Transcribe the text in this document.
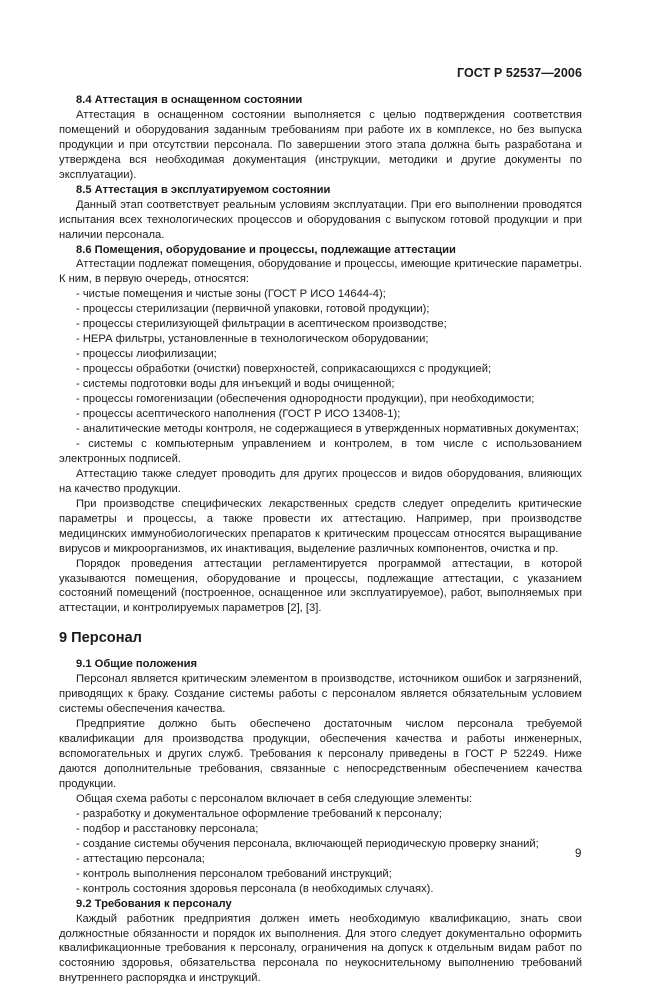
ГОСТ Р 52537—2006
8.4 Аттестация в оснащенном состоянии

Аттестация в оснащенном состоянии выполняется с целью подтверждения соответствия помещений и оборудования заданным требованиям при работе их в комплексе, но без выпуска продукции и при отсутствии персонала. По завершении этого этапа должна быть разработана и утверждена вся необходимая документация (инструкции, методики и другие документы по эксплуатации).

8.5 Аттестация в эксплуатируемом состоянии

Данный этап соответствует реальным условиям эксплуатации. При его выполнении проводятся испытания всех технологических процессов и оборудования с выпуском готовой продукции и при наличии персонала.

8.6 Помещения, оборудование и процессы, подлежащие аттестации

Аттестации подлежат помещения, оборудование и процессы, имеющие критические параметры. К ним, в первую очередь, относятся:

- чистые помещения и чистые зоны (ГОСТ Р ИСО 14644-4);
- процессы стерилизации (первичной упаковки, готовой продукции);
- процессы стерилизующей фильтрации в асептическом производстве;
- НЕРА фильтры, установленные в технологическом оборудовании;
- процессы лиофилизации;
- процессы обработки (очистки) поверхностей, соприкасающихся с продукцией;
- системы подготовки воды для инъекций и воды очищенной;
- процессы гомогенизации (обеспечения однородности продукции), при необходимости;
- процессы асептического наполнения (ГОСТ Р ИСО 13408-1);
- аналитические методы контроля, не содержащиеся в утвержденных нормативных документах;

- системы с компьютерным управлением и контролем, в том числе с использованием электронных подписей.

Аттестацию также следует проводить для других процессов и видов оборудования, влияющих на качество продукции.

При производстве специфических лекарственных средств следует определить критические параметры и процессы, а также провести их аттестацию. Например, при производстве медицинских иммунобиологических препаратов к критическим процессам относятся выращивание вирусов и микроорганизмов, их инактивация, выделение различных компонентов, очистка и пр.

Порядок проведения аттестации регламентируется программой аттестации, в которой указываются помещения, оборудование и процессы, подлежащие аттестации, с указанием состояний помещений (построенное, оснащенное или эксплуатируемое), работ, выполняемых при аттестации, и контролируемых параметров [2], [3].

9 Персонал
9.1 Общие положения

Персонал является критическим элементом в производстве, источником ошибок и загрязнений, приводящих к браку. Создание системы работы с персоналом является обязательным условием системы обеспечения качества.

Предприятие должно быть обеспечено достаточным числом персонала требуемой квалификации для производства продукции, обеспечения качества и работы инженерных, вспомогательных и других служб. Требования к персоналу приведены в ГОСТ Р 52249. Ниже даются дополнительные требования, связанные с непосредственным обеспечением качества продукции.

Общая схема работы с персоналом включает в себя следующие элементы:

- разработку и документальное оформление требований к персоналу;
- подбор и расстановку персонала;
- создание системы обучения персонала, включающей периодическую проверку знаний;
- аттестацию персонала;
- контроль выполнения персоналом требований инструкций;
- контроль состояния здоровья персонала (в необходимых случаях).
9.2 Требования к персоналу

Каждый работник предприятия должен иметь необходимую квалификацию, знать свои должностные обязанности и порядок их выполнения. Для этого следует документально оформить квалификационные требования к персоналу, ограничения на допуск к отдельным видам работ по состоянию здоровья, обязательства персонала по неукоснительному выполнению требований внутреннего распорядка и инструкций.

9
